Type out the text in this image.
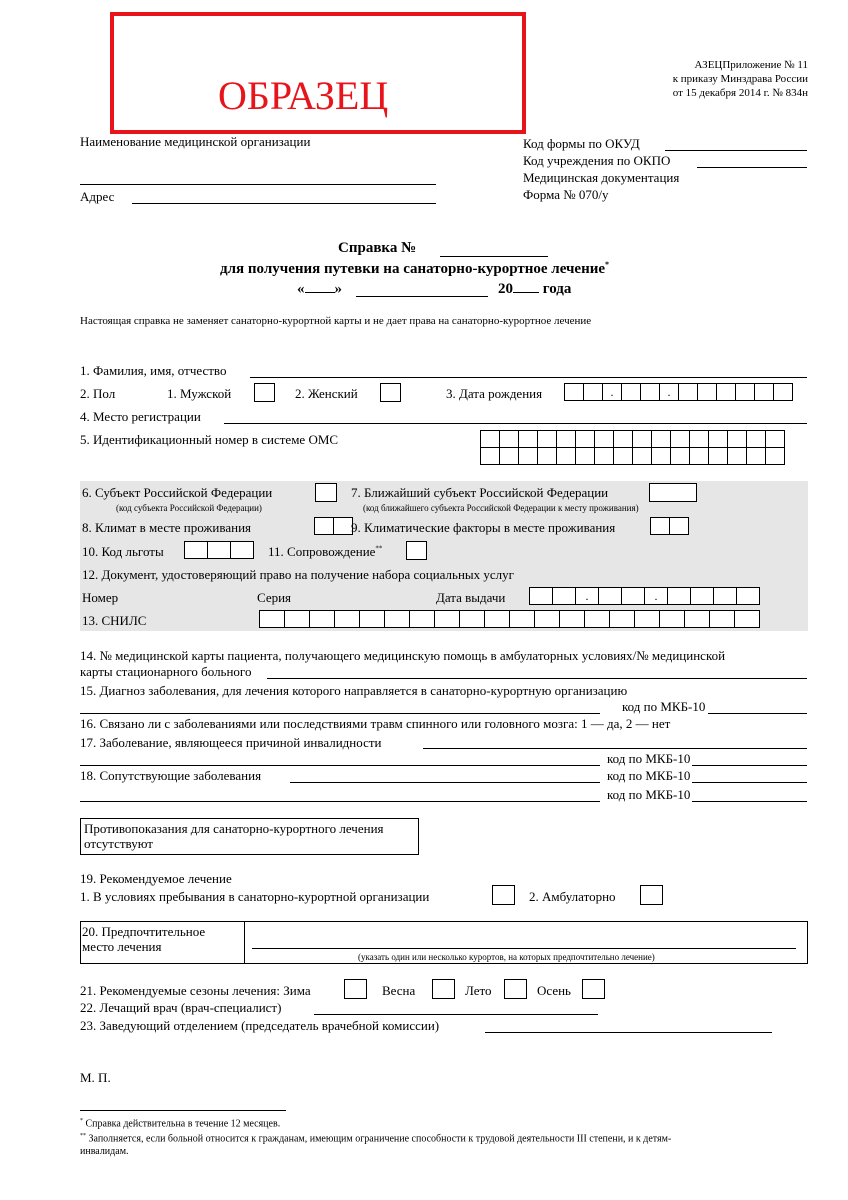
ОБРАЗЕЦ
АЗЕЦПриложение № 11
к приказу Минздрава России
от 15 декабря 2014 г. № 834н
Наименование медицинской организации
Адрес
Код формы по ОКУД
Код учреждения по ОКПО
Медицинская документация
Форма № 070/у
Справка №
для получения путевки на санаторно-курортное лечение*
« »	20 года
Настоящая справка не заменяет санаторно-курортной карты и не дает права на санаторно-курортное лечение
1. Фамилия, имя, отчество
2. Пол	1. Мужской	2. Женский	3. Дата рождения	.	.
4. Место регистрации
5. Идентификационный номер в системе ОМС
6. Субъект Российской Федерации
(код субъекта Российской Федерации)
7. Ближайший субъект Российской Федерации
(код ближайшего субъекта Российской Федерации к месту проживания)
8. Климат в месте проживания	9. Климатические факторы в месте проживания
10. Код льготы	11. Сопровождение**
12. Документ, удостоверяющий право на получение набора социальных услуг
Номер	Серия	Дата выдачи	.	.
13. СНИЛС
14. № медицинской карты пациента, получающего медицинскую помощь в амбулаторных условиях/№ медицинской
карты стационарного больного
15. Диагноз заболевания, для лечения которого направляется в санаторно-курортную организацию
код по МКБ-10
16. Связано ли с заболеваниями или последствиями травм спинного или головного мозга: 1 — да, 2 — нет
17. Заболевание, являющееся причиной инвалидности
код по МКБ-10
18. Сопутствующие заболевания	код по МКБ-10
код по МКБ-10
Противопоказания для санаторно-курортного лечения
отсутствуют
19. Рекомендуемое лечение
1. В условиях пребывания в санаторно-курортной организации	2. Амбулаторно
20. Предпочтительное
место лечения
(указать один или несколько курортов, на которых предпочтительно лечение)
21. Рекомендуемые сезоны лечения: Зима	Весна	Лето	Осень
22. Лечащий врач (врач-специалист)
23. Заведующий отделением (председатель врачебной комиссии)
М. П.
* Справка действительна в течение 12 месяцев.
** Заполняется, если больной относится к гражданам, имеющим ограничение способности к трудовой деятельности III степени, и к детям-
инвалидам.
